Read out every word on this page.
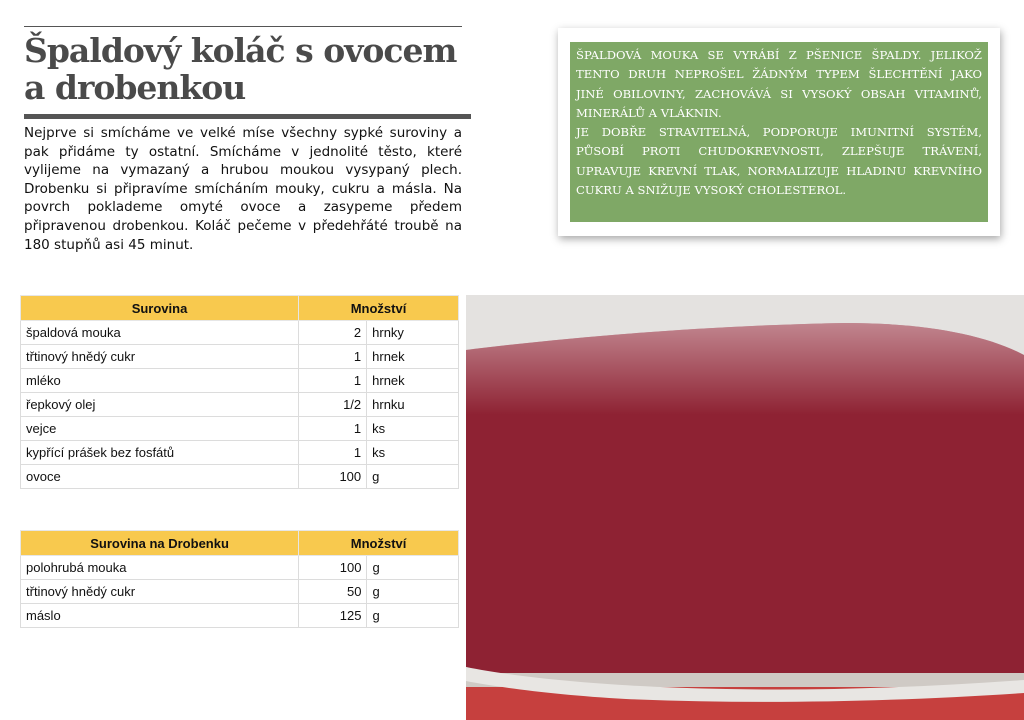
Špaldový koláč s ovocem a drobenkou

Nejprve si smícháme ve velké míse všechny sypké suroviny a pak přidáme ty ostatní. Smícháme v jednolité těsto, které vylijeme na vymazaný a hrubou moukou vysypaný plech. Drobenku si připravíme smícháním mouky, cukru a másla. Na povrch poklademe omyté ovoce a zasypeme předem připravenou drobenkou. Koláč pečeme v předehřáté troubě na 180 stupňů asi 45 minut.

ŠPALDOVÁ MOUKA SE VYRÁBÍ Z PŠENICE ŠPALDY. JELIKOŽ TENTO DRUH NEPROŠEL ŽÁDNÝM TYPEM ŠLECHTĚNÍ JAKO JINÉ OBILOVINY, ZACHOVÁVÁ SI VYSOKÝ OBSAH VITAMINŮ, MINERÁLŮ A VLÁKNIN.

JE DOBŘE STRAVITELNÁ, PODPORUJE IMUNITNÍ SYSTÉM, PŮSOBÍ PROTI CHUDOKREVNOSTI, ZLEPŠUJE TRÁVENÍ, UPRAVUJE KREVNÍ TLAK, NORMALIZUJE HLADINU KREVNÍHO CUKRU A SNIŽUJE VYSOKÝ CHOLESTEROL.

Surovina	Množství	
špaldová mouka	2	hrnky
třtinový hnědý cukr	1	hrnek
mléko	1	hrnek
řepkový olej	1/2	hrnku
vejce	1	ks
kypřící prášek bez fosfátů	1	ks
ovoce	100	g
Surovina na Drobenku	Množství	
polohrubá mouka	100	g
třtinový hnědý cukr	50	g
máslo	125	g
